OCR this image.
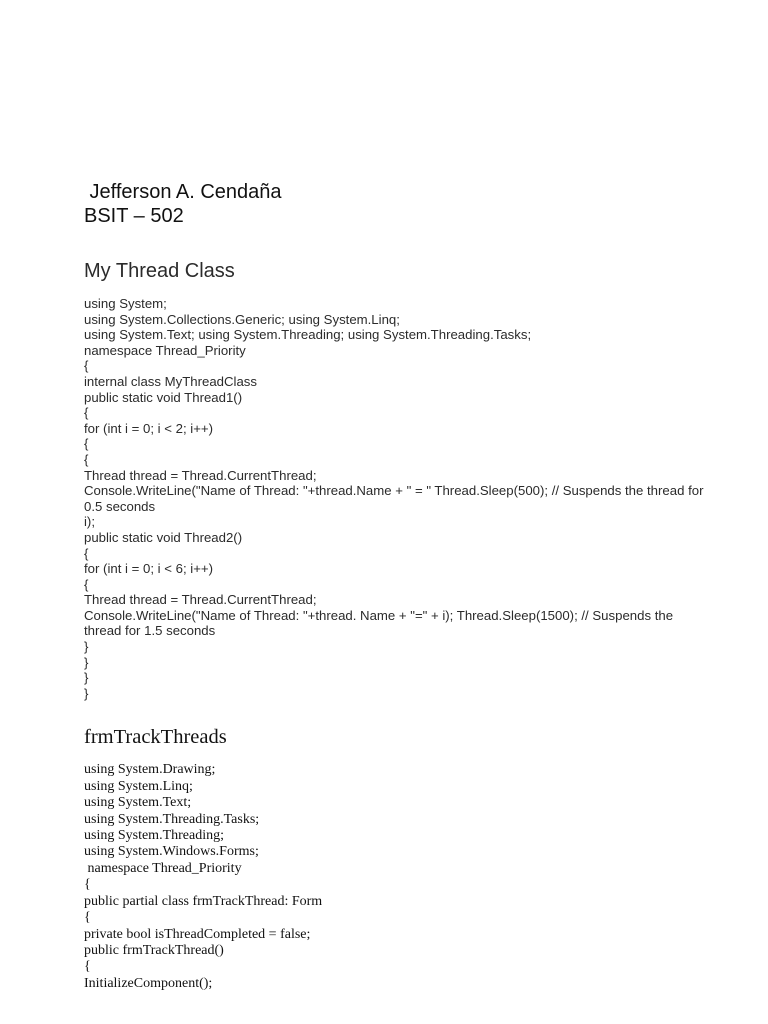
Jefferson A. Cendaña
BSIT – 502
My Thread Class
using System;
using System.Collections.Generic; using System.Linq;
using System.Text; using System.Threading; using System.Threading.Tasks;
namespace Thread_Priority
{
internal class MyThreadClass
public static void Thread1()
{
for (int i = 0; i < 2; i++)
{
{
Thread thread = Thread.CurrentThread;
Console.WriteLine("Name of Thread: "+thread.Name + " = " Thread.Sleep(500); // Suspends the thread for 0.5 seconds
i);
public static void Thread2()
{
for (int i = 0; i < 6; i++)
{
Thread thread = Thread.CurrentThread;
Console.WriteLine("Name of Thread: "+thread. Name + "=" + i); Thread.Sleep(1500); // Suspends the thread for 1.5 seconds
}
}
}
}
frmTrackThreads
using System.Drawing;
using System.Linq;
using System.Text;
using System.Threading.Tasks;
using System.Threading;
using System.Windows.Forms;
namespace Thread_Priority
{
public partial class frmTrackThread: Form
{
private bool isThreadCompleted = false;
public frmTrackThread()
{
InitializeComponent();
